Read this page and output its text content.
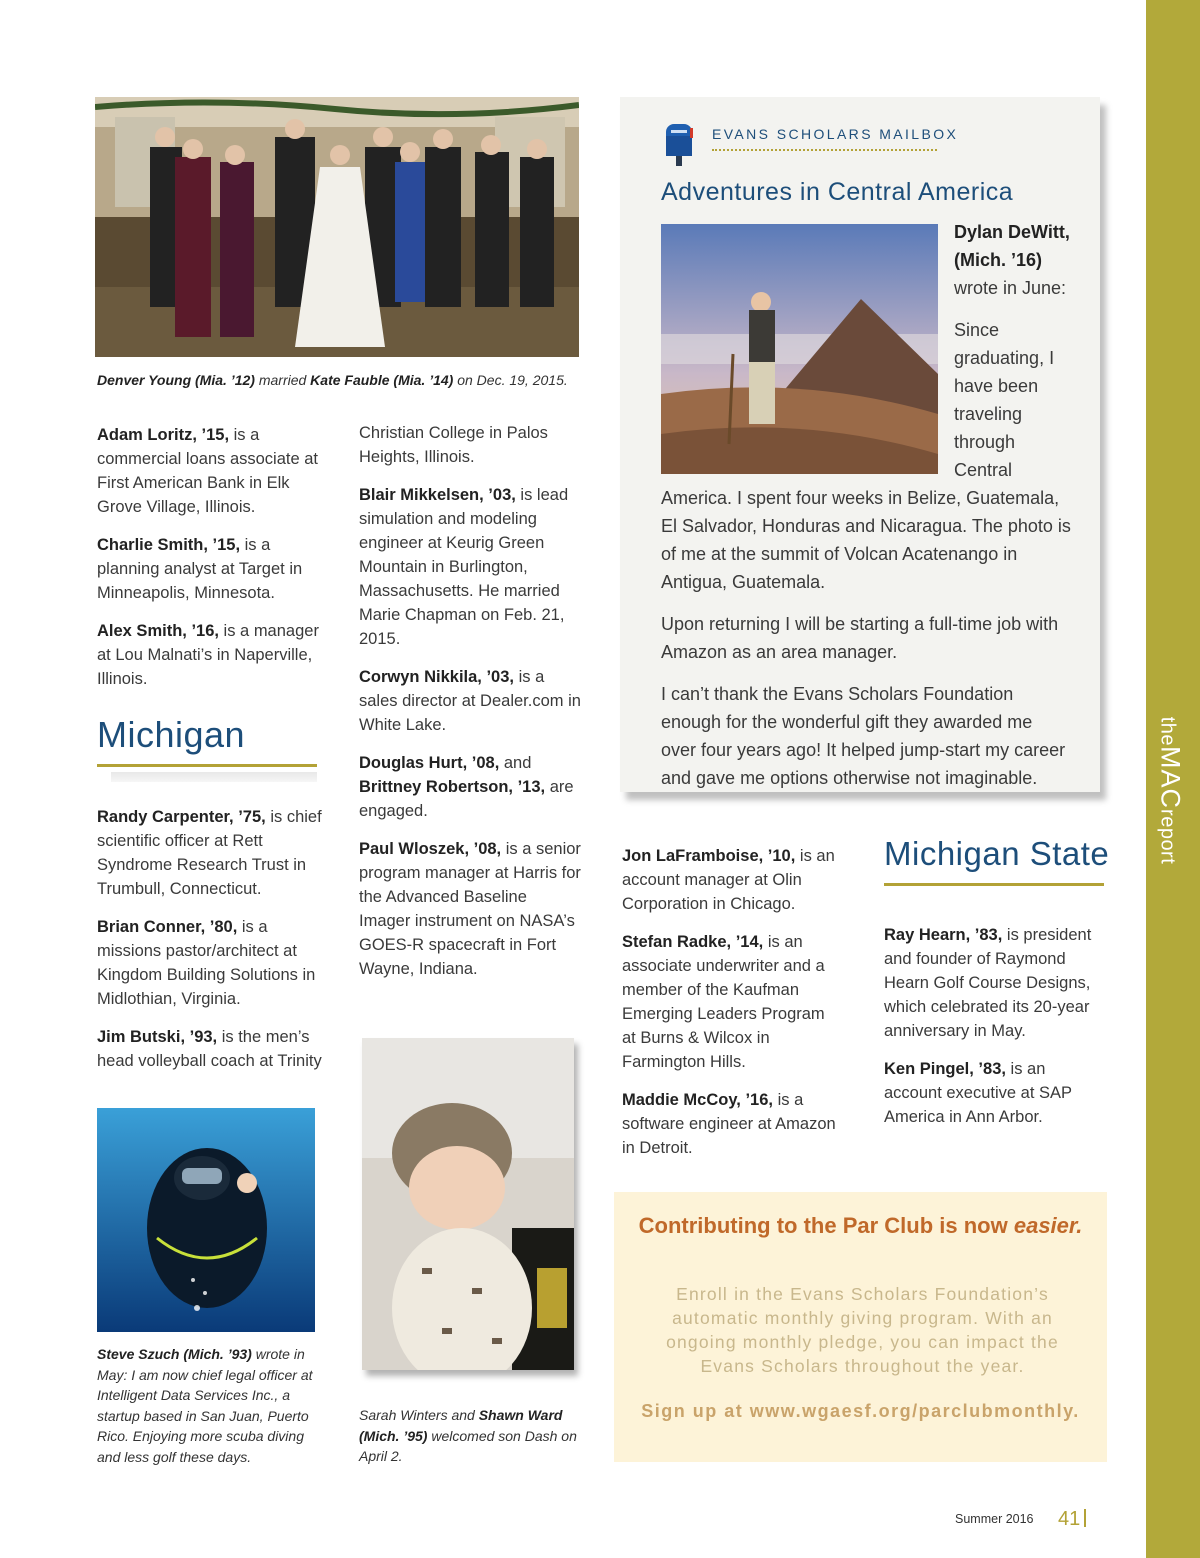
theMACreport
Denver Young (Mia. ’12) married Kate Fauble (Mia. ’14) on Dec. 19, 2015.

Adam Loritz, ’15, is a commercial loans associate at First American Bank in Elk Grove Village, Illinois.

Charlie Smith, ’15, is a planning analyst at Target in Minneapolis, Minnesota.

Alex Smith, ’16, is a manager at Lou Malnati’s in Naperville, Illinois.

Michigan

Randy Carpenter, ’75, is chief scientific officer at Rett Syndrome Research Trust in Trumbull, Connecticut.

Brian Conner, ’80, is a missions pastor/architect at Kingdom Building Solutions in Midlothian, Virginia.

Jim Butski, ’93, is the men’s head volleyball coach at Trinity

Steve Szuch (Mich. ’93) wrote in May: I am now chief legal officer at Intelligent Data Services Inc., a startup based in San Juan, Puerto Rico. Enjoying more scuba diving and less golf these days.

Christian College in Palos Heights, Illinois.

Blair Mikkelsen, ’03, is lead simulation and modeling engineer at Keurig Green Mountain in Burlington, Massachusetts. He married Marie Chapman on Feb. 21, 2015.

Corwyn Nikkila, ’03, is a sales director at Dealer.com in White Lake.

Douglas Hurt, ’08, and
Brittney Robertson, ’13, are engaged.

Paul Wloszek, ’08, is a senior program manager at Harris for the Advanced Baseline Imager instrument on NASA’s GOES-R spacecraft in Fort Wayne, Indiana.

Sarah Winters and Shawn Ward (Mich. ’95) welcomed son Dash on April 2.
EVANS SCHOLARS MAILBOX
Adventures in Central America
Dylan DeWitt, (Mich. ’16)
wrote in June:

Since graduating, I have been traveling through Central America. I spent four weeks in Belize, Guatemala, El Salvador, Honduras and Nicaragua. The photo is of me at the summit of Volcan Acatenango in Antigua, Guatemala.

Upon returning I will be starting a full-time job with Amazon as an area manager.

I can’t thank the Evans Scholars Foundation enough for the wonderful gift they awarded me over four years ago! It helped jump-start my career and gave me options otherwise not imaginable.

Jon LaFramboise, ’10, is an account manager at Olin Corporation in Chicago.

Stefan Radke, ’14, is an associate underwriter and a member of the Kaufman Emerging Leaders Program at Burns & Wilcox in Farmington Hills.

Maddie McCoy, ’16, is a software engineer at Amazon in Detroit.

Michigan State

Ray Hearn, ’83, is president and founder of Raymond Hearn Golf Course Designs, which celebrated its 20-year anniversary in May.

Ken Pingel, ’83, is an account executive at SAP America in Ann Arbor.

Contributing to the Par Club is now easier.
Enroll in the Evans Scholars Foundation’s automatic monthly giving program. With an ongoing monthly pledge, you can impact the Evans Scholars throughout the year.
Sign up at www.wgaesf.org/parclubmonthly.
Summer 2016 41
